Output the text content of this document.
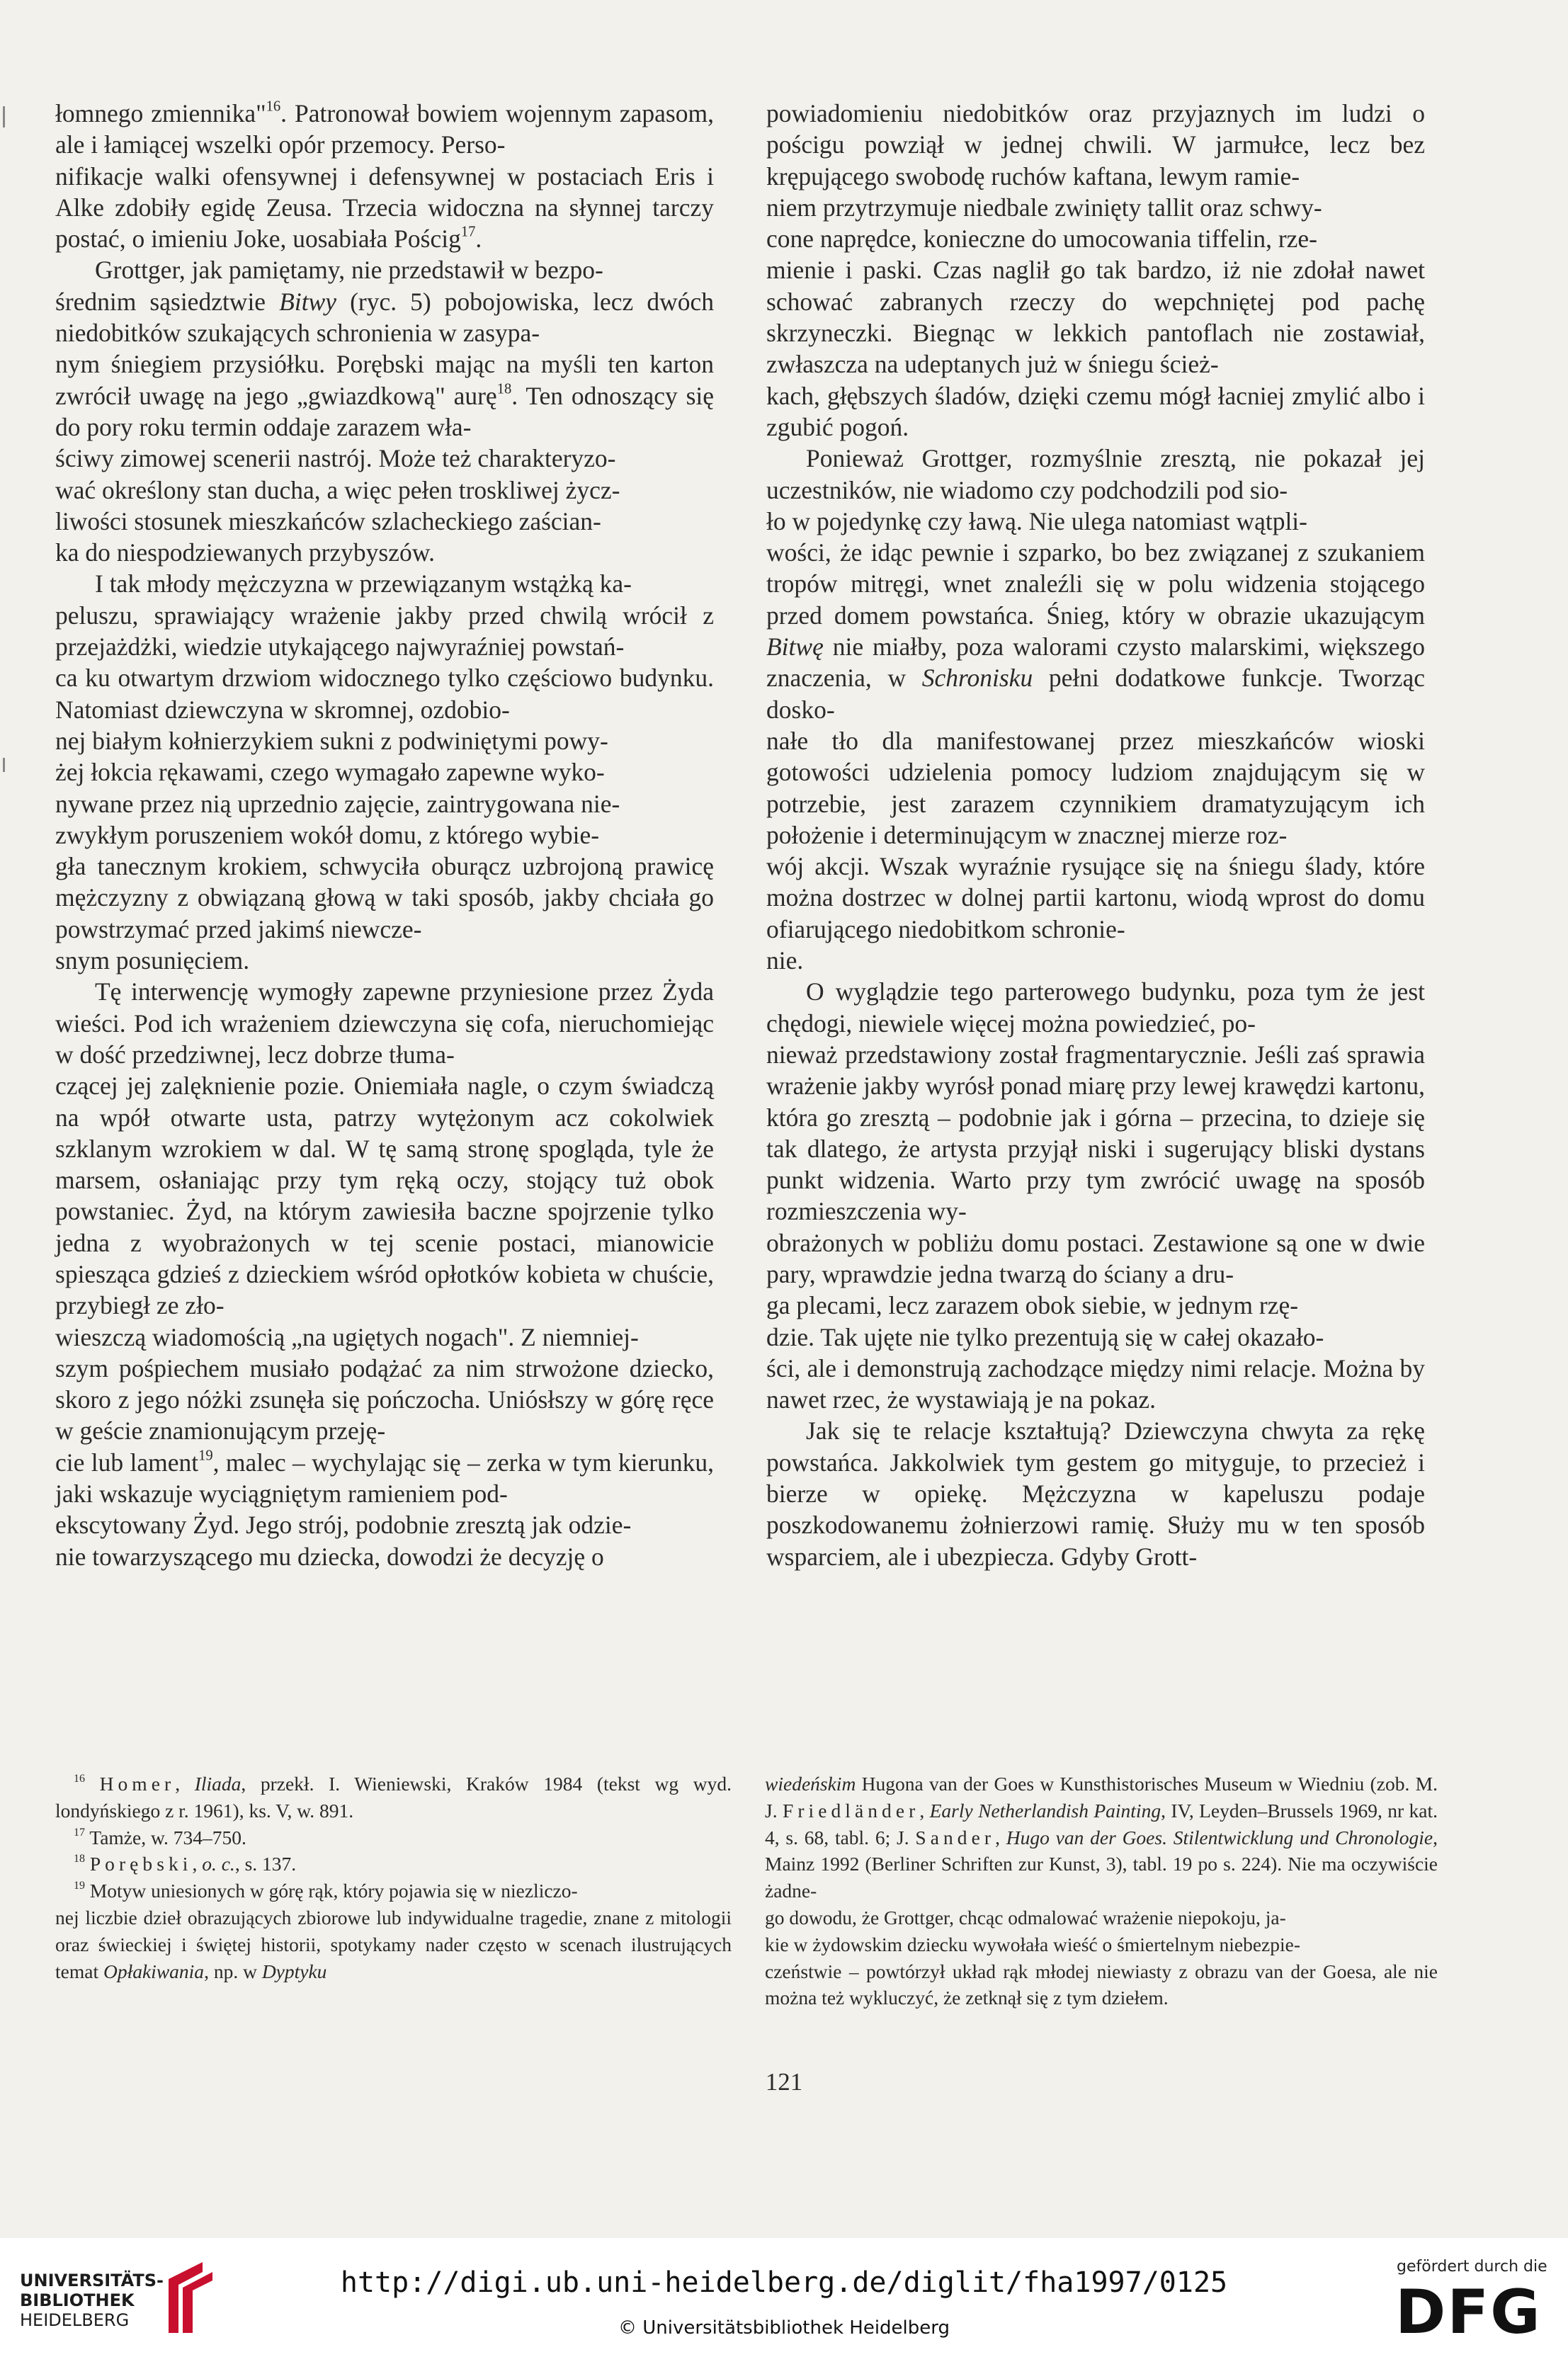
łomnego zmiennika"$^{16}$. Patronował bowiem wojennym zapasom, ale i łamiącej wszelki opór przemocy. Perso-
nifikacje walki ofensywnej i defensywnej w postaciach Eris i Alke zdobiły egidę Zeusa. Trzecia widoczna na słynnej tarczy postać, o imieniu Joke, uosabiała Pościg$^{17}$.

Grottger, jak pamiętamy, nie przedstawił w bezpo-
średnim sąsiedztwie Bitwy (ryc. 5) pobojowiska, lecz dwóch niedobitków szukających schronienia w zasypa-
nym śniegiem przysiółku. Porębski mając na myśli ten karton zwrócił uwagę na jego „gwiazdkową" aurę$^{18}$. Ten odnoszący się do pory roku termin oddaje zarazem wła-
ściwy zimowej scenerii nastrój. Może też charakteryzo-
wać określony stan ducha, a więc pełen troskliwej życz-
liwości stosunek mieszkańców szlacheckiego zaścian-
ka do niespodziewanych przybyszów.

I tak młody mężczyzna w przewiązanym wstążką ka-
peluszu, sprawiający wrażenie jakby przed chwilą wrócił z przejażdżki, wiedzie utykającego najwyraźniej powstań-
ca ku otwartym drzwiom widocznego tylko częściowo budynku. Natomiast dziewczyna w skromnej, ozdobio-
nej białym kołnierzykiem sukni z podwiniętymi powy-
żej łokcia rękawami, czego wymagało zapewne wyko-
nywane przez nią uprzednio zajęcie, zaintrygowana nie-
zwykłym poruszeniem wokół domu, z którego wybie-
gła tanecznym krokiem, schwyciła oburącz uzbrojoną prawicę mężczyzny z obwiązaną głową w taki sposób, jakby chciała go powstrzymać przed jakimś niewcze-
snym posunięciem.

Tę interwencję wymogły zapewne przyniesione przez Żyda wieści. Pod ich wrażeniem dziewczyna się cofa, nieruchomiejąc w dość przedziwnej, lecz dobrze tłuma-
czącej jej zalęknienie pozie. Oniemiała nagle, o czym świadczą na wpół otwarte usta, patrzy wytężonym acz cokolwiek szklanym wzrokiem w dal. W tę samą stronę spogląda, tyle że marsem, osłaniając przy tym ręką oczy, stojący tuż obok powstaniec. Żyd, na którym zawiesiła baczne spojrzenie tylko jedna z wyobrażonych w tej scenie postaci, mianowicie spiesząca gdzieś z dzieckiem wśród opłotków kobieta w chuście, przybiegł ze zło-
wieszczą wiadomością „na ugiętych nogach". Z niemniej-
szym pośpiechem musiało podążać za nim strwożone dziecko, skoro z jego nóżki zsunęła się pończocha. Uniósłszy w górę ręce w geście znamionującym przeję-
cie lub lament$^{19}$, malec – wychylając się – zerka w tym kierunku, jaki wskazuje wyciągniętym ramieniem pod-
ekscytowany Żyd. Jego strój, podobnie zresztą jak odzie-
nie towarzyszącego mu dziecka, dowodzi że decyzję o

powiadomieniu niedobitków oraz przyjaznych im ludzi o pościgu powziął w jednej chwili. W jarmułce, lecz bez krępującego swobodę ruchów kaftana, lewym ramie-
niem przytrzymuje niedbale zwinięty tallit oraz schwy-
cone naprędce, konieczne do umocowania tiffelin, rze-
mienie i paski. Czas naglił go tak bardzo, iż nie zdołał nawet schować zabranych rzeczy do wepchniętej pod pachę skrzyneczki. Biegnąc w lekkich pantoflach nie zostawiał, zwłaszcza na udeptanych już w śniegu ścież-
kach, głębszych śladów, dzięki czemu mógł łacniej zmylić albo i zgubić pogoń.

Ponieważ Grottger, rozmyślnie zresztą, nie pokazał jej uczestników, nie wiadomo czy podchodzili pod sio-
ło w pojedynkę czy ławą. Nie ulega natomiast wątpli-
wości, że idąc pewnie i szparko, bo bez związanej z szukaniem tropów mitręgi, wnet znaleźli się w polu widzenia stojącego przed domem powstańca. Śnieg, który w obrazie ukazującym Bitwę nie miałby, poza walorami czysto malarskimi, większego znaczenia, w Schronisku pełni dodatkowe funkcje. Tworząc dosko-
nałe tło dla manifestowanej przez mieszkańców wioski gotowości udzielenia pomocy ludziom znajdującym się w potrzebie, jest zarazem czynnikiem dramatyzującym ich położenie i determinującym w znacznej mierze roz-
wój akcji. Wszak wyraźnie rysujące się na śniegu ślady, które można dostrzec w dolnej partii kartonu, wiodą wprost do domu ofiarującego niedobitkom schronie-
nie.

O wyglądzie tego parterowego budynku, poza tym że jest chędogi, niewiele więcej można powiedzieć, po-
nieważ przedstawiony został fragmentarycznie. Jeśli zaś sprawia wrażenie jakby wyrósł ponad miarę przy lewej krawędzi kartonu, która go zresztą – podobnie jak i górna – przecina, to dzieje się tak dlatego, że artysta przyjął niski i sugerujący bliski dystans punkt widzenia. Warto przy tym zwrócić uwagę na sposób rozmieszczenia wy-
obrażonych w pobliżu domu postaci. Zestawione są one w dwie pary, wprawdzie jedna twarzą do ściany a dru-
ga plecami, lecz zarazem obok siebie, w jednym rzę-
dzie. Tak ujęte nie tylko prezentują się w całej okazało-
ści, ale i demonstrują zachodzące między nimi relacje. Można by nawet rzec, że wystawiają je na pokaz.

Jak się te relacje kształtują? Dziewczyna chwyta za rękę powstańca. Jakkolwiek tym gestem go mityguje, to przecież i bierze w opiekę. Mężczyzna w kapeluszu podaje poszkodowanemu żołnierzowi ramię. Służy mu w ten sposób wsparciem, ale i ubezpiecza. Gdyby Grott-

$^{16}$ Homer, Iliada, przekł. I. Wieniewski, Kraków 1984 (tekst wg wyd. londyńskiego z r. 1961), ks. V, w. 891.

$^{17}$ Tamże, w. 734–750.

$^{18}$ Porębski, o. c., s. 137.

$^{19}$ Motyw uniesionych w górę rąk, który pojawia się w niezliczo-
nej liczbie dzieł obrazujących zbiorowe lub indywidualne tragedie, znane z mitologii oraz świeckiej i świętej historii, spotykamy nader często w scenach ilustrujących temat Opłakiwania, np. w Dyptyku

wiedeńskim Hugona van der Goes w Kunsthistorisches Museum w Wiedniu (zob. M. J. Friedländer, Early Netherlandish Painting, IV, Leyden–Brussels 1969, nr kat. 4, s. 68, tabl. 6; J. Sander, Hugo van der Goes. Stilentwicklung und Chronologie, Mainz 1992 (Berliner Schriften zur Kunst, 3), tabl. 19 po s. 224). Nie ma oczywiście żadne-
go dowodu, że Grottger, chcąc odmalować wrażenie niepokoju, ja-
kie w żydowskim dziecku wywołała wieść o śmiertelnym niebezpie-
czeństwie – powtórzył układ rąk młodej niewiasty z obrazu van der Goesa, ale nie można też wykluczyć, że zetknął się z tym dziełem.

121
UNIVERSITÄTS-
BIBLIOTHEK
HEIDELBERG
http://digi.ub.uni-heidelberg.de/diglit/fha1997/0125
© Universitätsbibliothek Heidelberg
gefördert durch die
DFG
